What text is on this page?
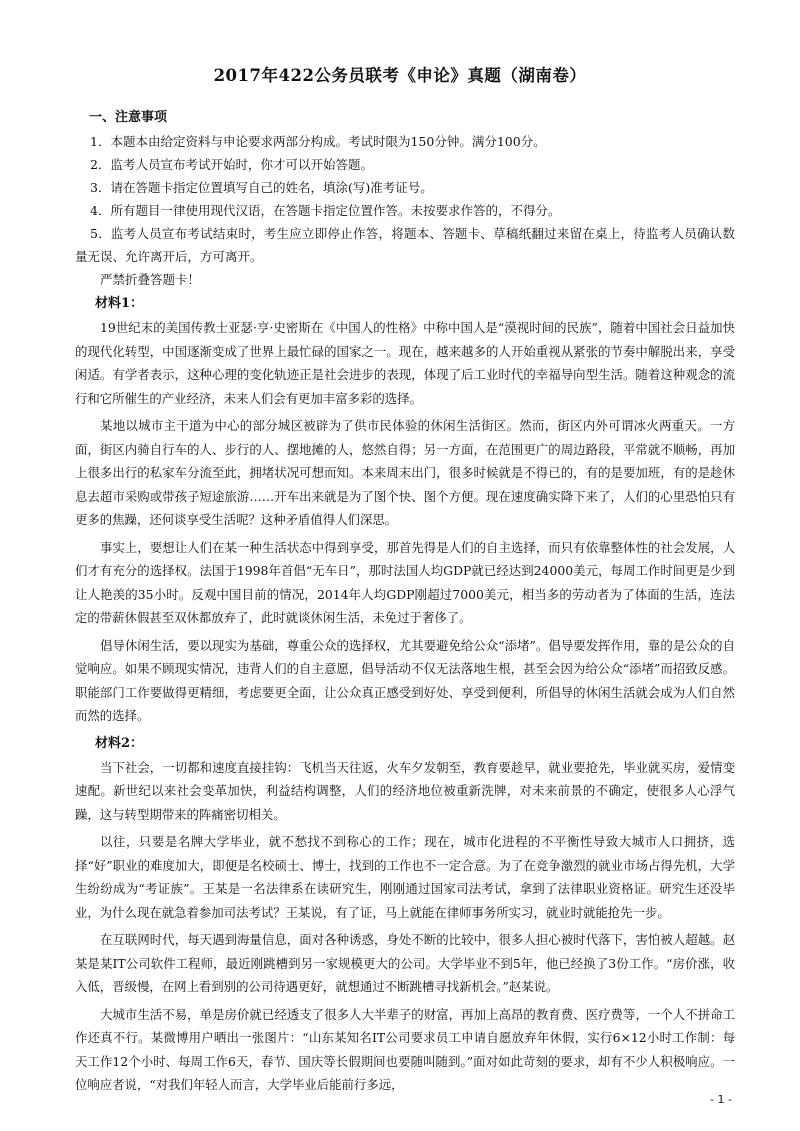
2017年422公务员联考《申论》真题（湖南卷）
一、注意事项
1．本题本由给定资料与申论要求两部分构成。考试时限为150分钟。满分100分。
2．监考人员宣布考试开始时，你才可以开始答题。
3．请在答题卡指定位置填写自己的姓名，填涂(写)准考证号。
4．所有题目一律使用现代汉语，在答题卡指定位置作答。未按要求作答的，不得分。
5．监考人员宣布考试结束时，考生应立即停止作答，将题本、答题卡、草稿纸翻过来留在桌上，待监考人员确认数量无误、允许离开后，方可离开。
严禁折叠答题卡！
材料1：

19世纪末的美国传教士亚瑟·亨·史密斯在《中国人的性格》中称中国人是“漠视时间的民族”，随着中国社会日益加快的现代化转型，中国逐渐变成了世界上最忙碌的国家之一。现在，越来越多的人开始重视从紧张的节奏中解脱出来，享受闲适。有学者表示，这种心理的变化轨迹正是社会进步的表现，体现了后工业时代的幸福导向型生活。随着这种观念的流行和它所催生的产业经济，未来人们会有更加丰富多彩的选择。

某地以城市主干道为中心的部分城区被辟为了供市民体验的休闲生活街区。然而，街区内外可谓冰火两重天。一方面，街区内骑自行车的人、步行的人、摆地摊的人，悠然自得；另一方面，在范围更广的周边路段，平常就不顺畅，再加上很多出行的私家车分流至此，拥堵状况可想而知。本来周末出门，很多时候就是不得已的，有的是要加班，有的是趁休息去超市采购或带孩子短途旅游……开车出来就是为了图个快、图个方便。现在速度确实降下来了，人们的心里恐怕只有更多的焦躁，还何谈享受生活呢？这种矛盾值得人们深思。

事实上，要想让人们在某一种生活状态中得到享受，那首先得是人们的自主选择，而只有依靠整体性的社会发展，人们才有充分的选择权。法国于1998年首倡“无车日”，那时法国人均GDP就已经达到24000美元，每周工作时间更是少到让人艳羡的35小时。反观中国目前的情况，2014年人均GDP刚超过7000美元，相当多的劳动者为了体面的生活，连法定的带薪休假甚至双休都放弃了，此时就谈休闲生活，未免过于奢侈了。

倡导休闲生活，要以现实为基础，尊重公众的选择权，尤其要避免给公众“添堵”。倡导要发挥作用，靠的是公众的自觉响应。如果不顾现实情况，违背人们的自主意愿，倡导活动不仅无法落地生根，甚至会因为给公众“添堵”而招致反感。职能部门工作要做得更精细，考虑要更全面，让公众真正感受到好处、享受到便利，所倡导的休闲生活就会成为人们自然而然的选择。

材料2：

当下社会，一切都和速度直接挂钩：飞机当天往返，火车夕发朝至，教育要趁早，就业要抢先，毕业就买房，爱情变速配。新世纪以来社会变革加快，利益结构调整，人们的经济地位被重新洗牌，对未来前景的不确定，使很多人心浮气躁，这与转型期带来的阵痛密切相关。

以往，只要是名牌大学毕业，就不愁找不到称心的工作；现在，城市化进程的不平衡性导致大城市人口拥挤，选择“好”职业的难度加大，即便是名校硕士、博士，找到的工作也不一定合意。为了在竞争激烈的就业市场占得先机，大学生纷纷成为“考证族”。王某是一名法律系在读研究生，刚刚通过国家司法考试，拿到了法律职业资格证。研究生还没毕业，为什么现在就急着参加司法考试？王某说，有了证，马上就能在律师事务所实习，就业时就能抢先一步。

在互联网时代，每天遇到海量信息，面对各种诱惑，身处不断的比较中，很多人担心被时代落下，害怕被人超越。赵某是某IT公司软件工程师，最近刚跳槽到另一家规模更大的公司。大学毕业不到5年，他已经换了3份工作。“房价涨，收入低，晋级慢，在网上看到别的公司待遇更好，就想通过不断跳槽寻找新机会。”赵某说。

大城市生活不易，单是房价就已经透支了很多人大半辈子的财富，再加上高昂的教育费、医疗费等，一个人不拼命工作还真不行。某微博用户晒出一张图片：“山东某知名IT公司要求员工申请自愿放弃年休假，实行6×12小时工作制：每天工作12个小时、每周工作6天，春节、国庆等长假期间也要随叫随到。”面对如此苛刻的要求，却有不少人积极响应。一位响应者说，“对我们年轻人而言，大学毕业后能前行多远，

- 1 -
